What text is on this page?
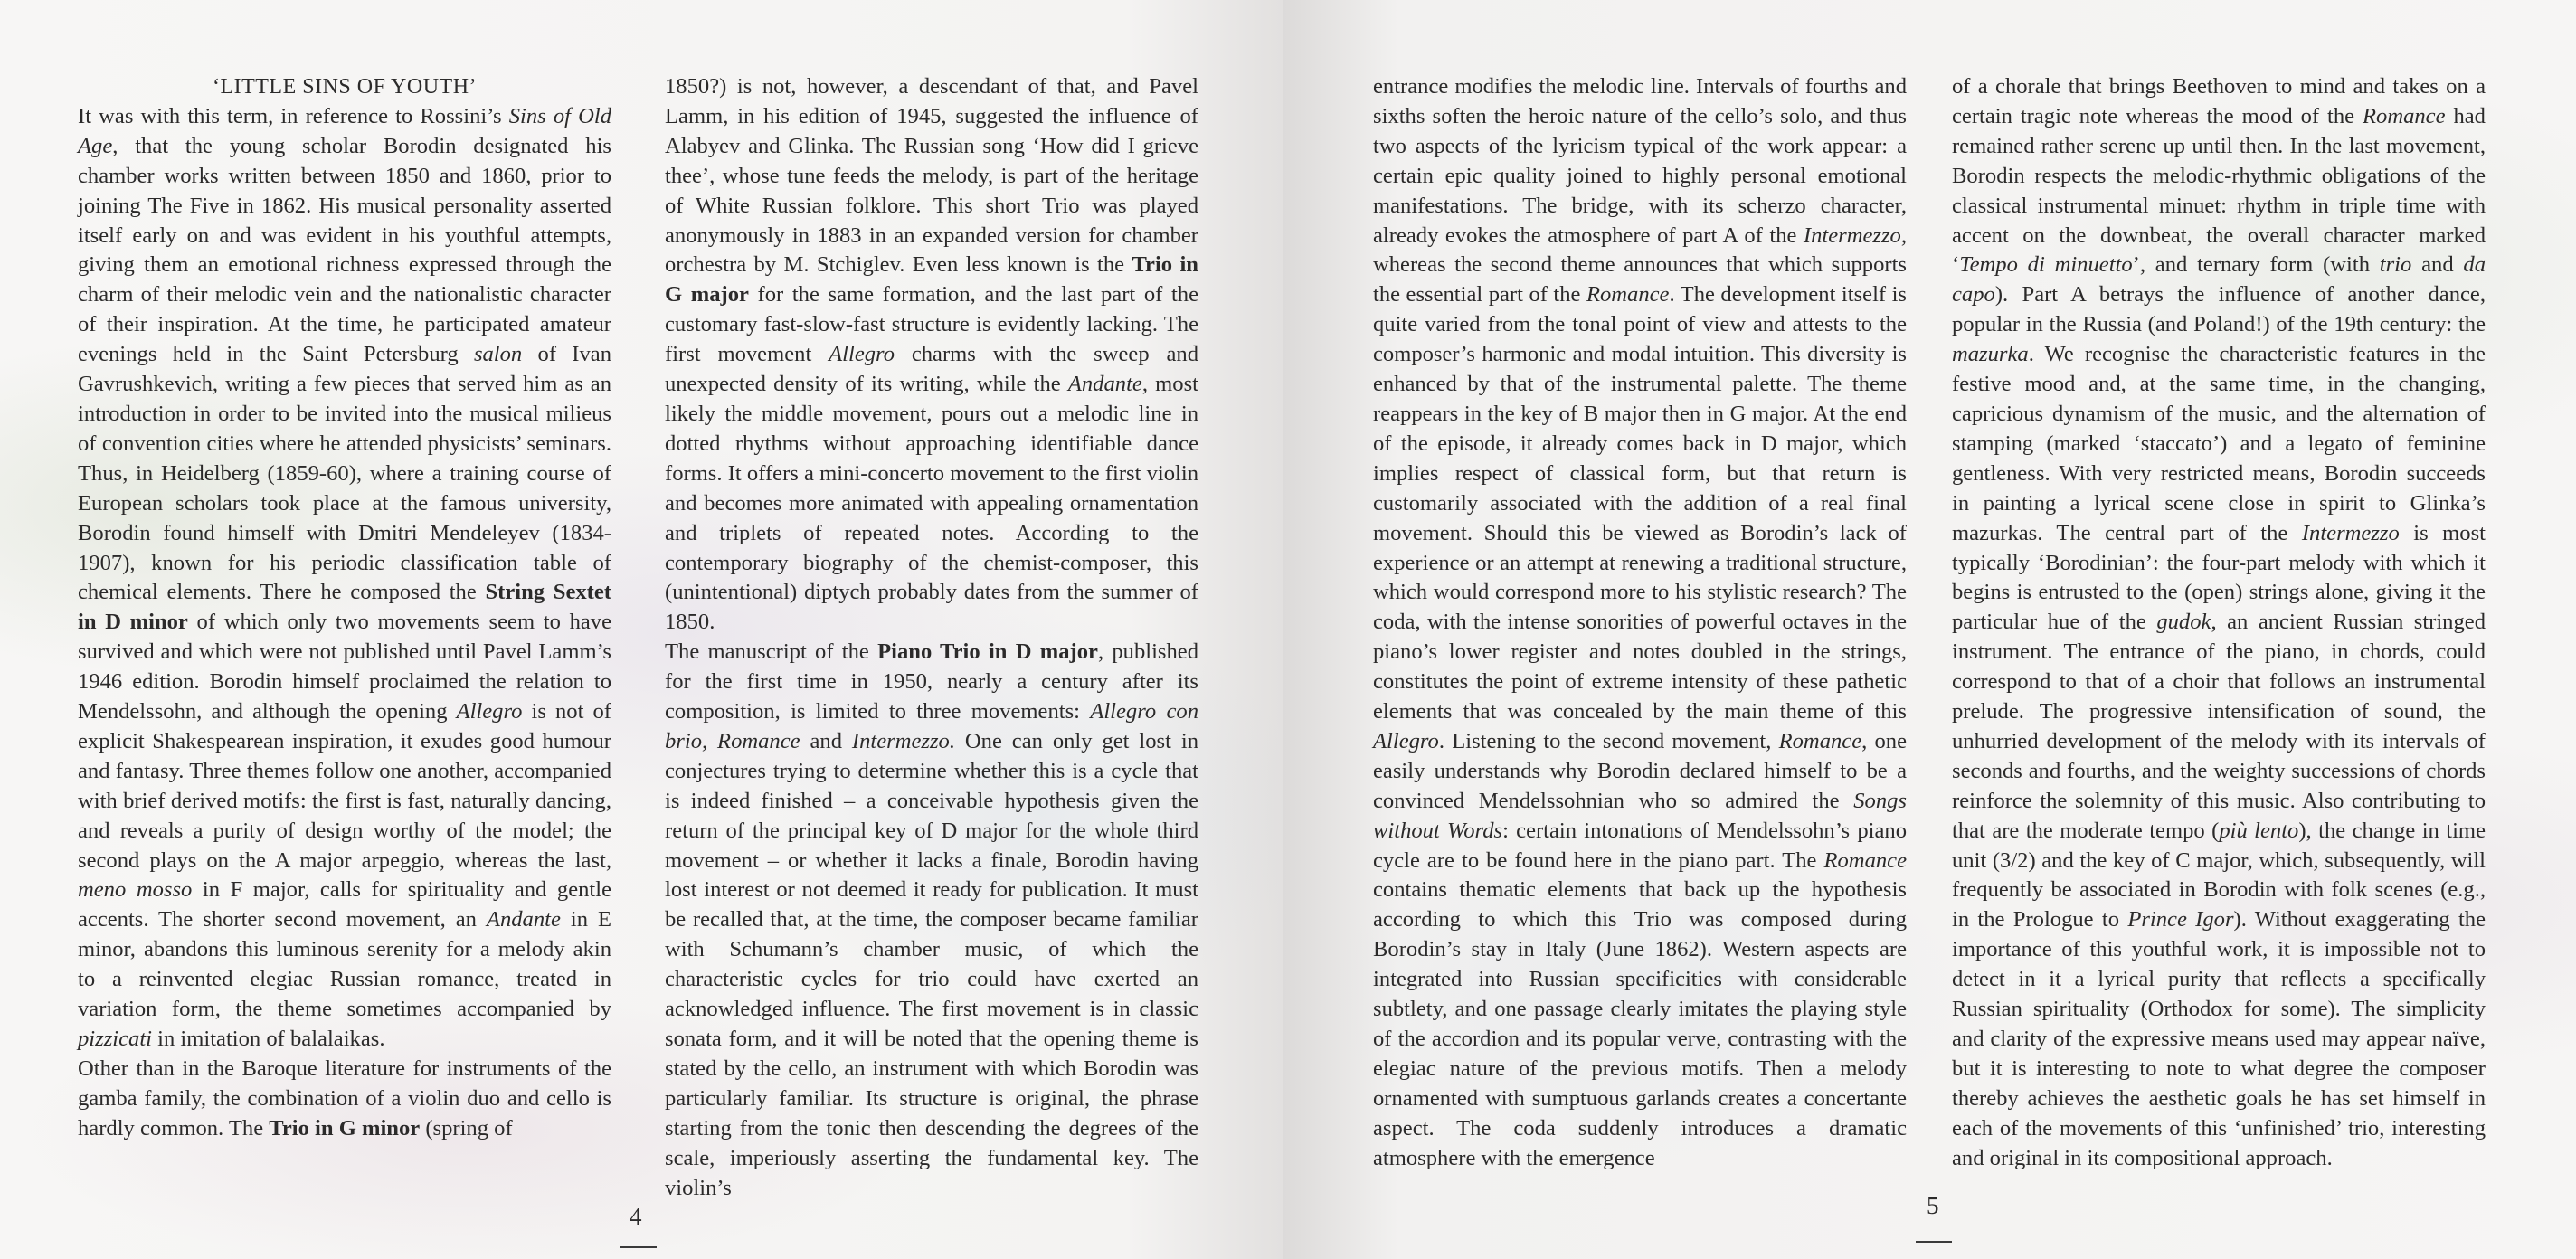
‘LITTLE SINS OF YOUTH’

It was with this term, in reference to Rossini’s Sins of Old Age, that the young scholar Borodin designated his chamber works written between 1850 and 1860, prior to joining The Five in 1862. His musical personality asserted itself early on and was evident in his youthful attempts, giving them an emotional richness expressed through the charm of their melodic vein and the nationalistic character of their inspiration. At the time, he participated amateur evenings held in the Saint Petersburg salon of Ivan Gavrushkevich, writing a few pieces that served him as an introduction in order to be invited into the musical milieus of convention cities where he attended physicists’ seminars. Thus, in Heidelberg (1859-60), where a training course of European scholars took place at the famous university, Borodin found himself with Dmitri Mendeleyev (1834-1907), known for his periodic classification table of chemical elements. There he composed the String Sextet in D minor of which only two movements seem to have survived and which were not published until Pavel Lamm’s 1946 edition. Borodin himself proclaimed the relation to Mendelssohn, and although the opening Allegro is not of explicit Shakespearean inspiration, it exudes good humour and fantasy. Three themes follow one another, accompanied with brief derived motifs: the first is fast, naturally dancing, and reveals a purity of design worthy of the model; the second plays on the A major arpeggio, whereas the last, meno mosso in F major, calls for spirituality and gentle accents. The shorter second movement, an Andante in E minor, abandons this luminous serenity for a melody akin to a reinvented elegiac Russian romance, treated in variation form, the theme sometimes accompanied by pizzicati in imitation of balalaikas.

Other than in the Baroque literature for instruments of the gamba family, the combination of a violin duo and cello is hardly common. The Trio in G minor (spring of

1850?) is not, however, a descendant of that, and Pavel Lamm, in his edition of 1945, suggested the influence of Alabyev and Glinka. The Russian song ‘How did I grieve thee’, whose tune feeds the melody, is part of the heritage of White Russian folklore. This short Trio was played anonymously in 1883 in an expanded version for chamber orchestra by M. Stchiglev. Even less known is the Trio in G major for the same formation, and the last part of the customary fast-slow-fast structure is evidently lacking. The first movement Allegro charms with the sweep and unexpected density of its writing, while the Andante, most likely the middle movement, pours out a melodic line in dotted rhythms without approaching identifiable dance forms. It offers a mini-concerto movement to the first violin and becomes more animated with appealing ornamentation and triplets of repeated notes. According to the contemporary biography of the chemist-composer, this (unintentional) diptych probably dates from the summer of 1850.

The manuscript of the Piano Trio in D major, published for the first time in 1950, nearly a century after its composition, is limited to three movements: Allegro con brio, Romance and Intermezzo. One can only get lost in conjectures trying to determine whether this is a cycle that is indeed finished – a conceivable hypothesis given the return of the principal key of D major for the whole third movement – or whether it lacks a finale, Borodin having lost interest or not deemed it ready for publication. It must be recalled that, at the time, the composer became familiar with Schumann’s chamber music, of which the characteristic cycles for trio could have exerted an acknowledged influence. The first movement is in classic sonata form, and it will be noted that the opening theme is stated by the cello, an instrument with which Borodin was particularly familiar. Its structure is original, the phrase starting from the tonic then descending the degrees of the scale, imperiously asserting the fundamental key. The violin’s

4

entrance modifies the melodic line. Intervals of fourths and sixths soften the heroic nature of the cello’s solo, and thus two aspects of the lyricism typical of the work appear: a certain epic quality joined to highly personal emotional manifestations. The bridge, with its scherzo character, already evokes the atmosphere of part A of the Intermezzo, whereas the second theme announces that which supports the essential part of the Romance. The development itself is quite varied from the tonal point of view and attests to the composer’s harmonic and modal intuition. This diversity is enhanced by that of the instrumental palette. The theme reappears in the key of B major then in G major. At the end of the episode, it already comes back in D major, which implies respect of classical form, but that return is customarily associated with the addition of a real final movement. Should this be viewed as Borodin’s lack of experience or an attempt at renewing a traditional structure, which would correspond more to his stylistic research? The coda, with the intense sonorities of powerful octaves in the piano’s lower register and notes doubled in the strings, constitutes the point of extreme intensity of these pathetic elements that was concealed by the main theme of this Allegro. Listening to the second movement, Romance, one easily understands why Borodin declared himself to be a convinced Mendelssohnian who so admired the Songs without Words: certain intonations of Mendelssohn’s piano cycle are to be found here in the piano part. The Romance contains thematic elements that back up the hypothesis according to which this Trio was composed during Borodin’s stay in Italy (June 1862). Western aspects are integrated into Russian specificities with considerable subtlety, and one passage clearly imitates the playing style of the accordion and its popular verve, contrasting with the elegiac nature of the previous motifs. Then a melody ornamented with sumptuous garlands creates a concertante aspect. The coda suddenly introduces a dramatic atmosphere with the emergence

of a chorale that brings Beethoven to mind and takes on a certain tragic note whereas the mood of the Romance had remained rather serene up until then. In the last movement, Borodin respects the melodic-rhythmic obligations of the classical instrumental minuet: rhythm in triple time with accent on the downbeat, the overall character marked ‘Tempo di minuetto’, and ternary form (with trio and da capo). Part A betrays the influence of another dance, popular in the Russia (and Poland!) of the 19th century: the mazurka. We recognise the characteristic features in the festive mood and, at the same time, in the changing, capricious dynamism of the music, and the alternation of stamping (marked ‘staccato’) and a legato of feminine gentleness. With very restricted means, Borodin succeeds in painting a lyrical scene close in spirit to Glinka’s mazurkas. The central part of the Intermezzo is most typically ‘Borodinian’: the four-part melody with which it begins is entrusted to the (open) strings alone, giving it the particular hue of the gudok, an ancient Russian stringed instrument. The entrance of the piano, in chords, could correspond to that of a choir that follows an instrumental prelude. The progressive intensification of sound, the unhurried development of the melody with its intervals of seconds and fourths, and the weighty successions of chords reinforce the solemnity of this music. Also contributing to that are the moderate tempo (più lento), the change in time unit (3/2) and the key of C major, which, subsequently, will frequently be associated in Borodin with folk scenes (e.g., in the Prologue to Prince Igor). Without exaggerating the importance of this youthful work, it is impossible not to detect in it a lyrical purity that reflects a specifically Russian spirituality (Orthodox for some). The simplicity and clarity of the expressive means used may appear naïve, but it is interesting to note to what degree the composer thereby achieves the aesthetic goals he has set himself in each of the movements of this ‘unfinished’ trio, interesting and original in its compositional approach.

5
